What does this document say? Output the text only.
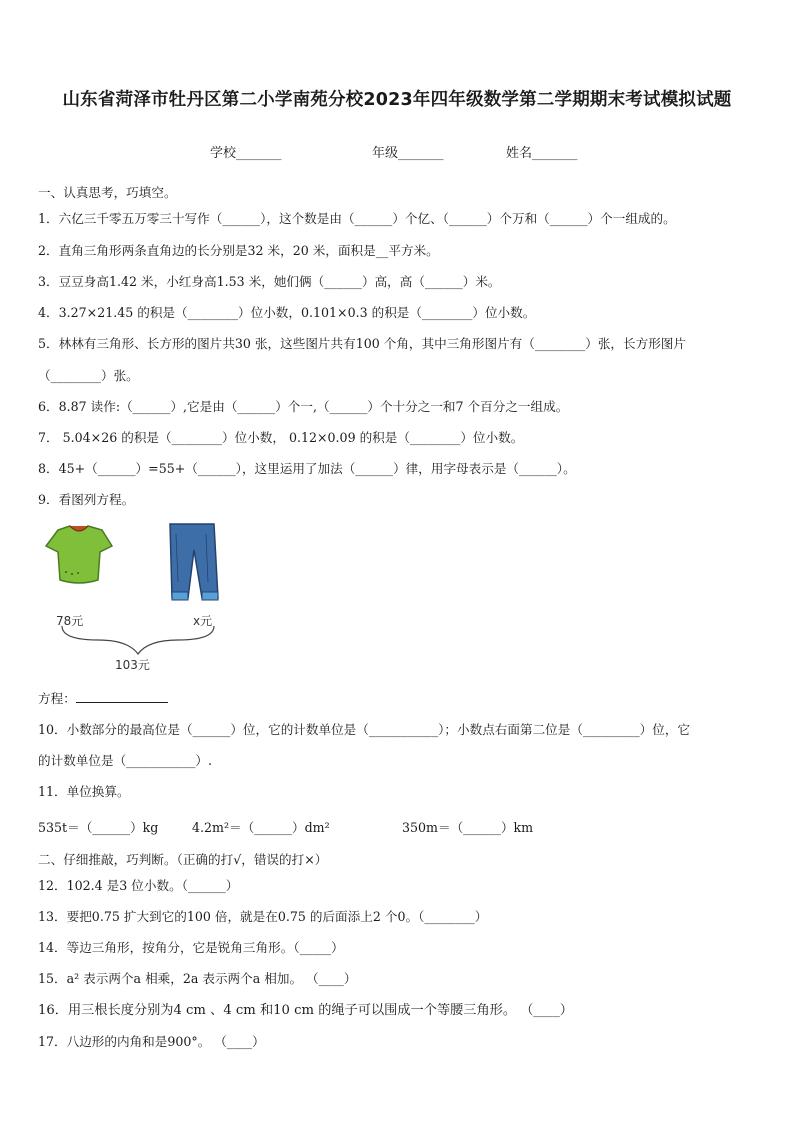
山东省菏泽市牡丹区第二小学南苑分校2023年四年级数学第二学期期末考试模拟试题
学校_______	年级_______	姓名_______
一、认真思考，巧填空。
1．六亿三千零五万零三十写作（______），这个数是由（______）个亿、（______）个万和（______）个一组成的。
2．直角三角形两条直角边的长分别是32 米，20 米，面积是__平方米。
3．豆豆身高1.42 米，小红身高1.53 米，她们俩（______）高，高（______）米。
4．3.27×21.45 的积是（________）位小数，0.101×0.3 的积是（________）位小数。
5．林林有三角形、长方形的图片共30 张，这些图片共有100 个角，其中三角形图片有（________）张，长方形图片
（________）张。
6．8.87 读作:（______）,它是由（______）个一,（______）个十分之一和7 个百分之一组成。
7． 5.04×26 的积是（________）位小数， 0.12×0.09 的积是（________）位小数。
8．45+（______）=55+（______），这里运用了加法（______）律，用字母表示是（______）。
9．看图列方程。
78元	x元
103元
方程：
10．小数部分的最高位是（______）位，它的计数单位是（___________）；小数点右面第二位是（_________）位，它
的计数单位是（___________）.
11．单位换算。
535t＝（______）kg	4.2m²＝（______）dm²	350m＝（______）km
二、仔细推敲，巧判断。（正确的打√，错误的打×）
12．102.4 是3 位小数。（______）
13．要把0.75 扩大到它的100 倍，就是在0.75 的后面添上2 个0。（________）
14．等边三角形，按角分，它是锐角三角形。（_____）
15．a² 表示两个a 相乘，2a 表示两个a 相加。 （____）
16．用三根长度分别为4 cm 、4 cm 和10 cm 的绳子可以围成一个等腰三角形。 （____）
17．八边形的内角和是900°。 （____）
